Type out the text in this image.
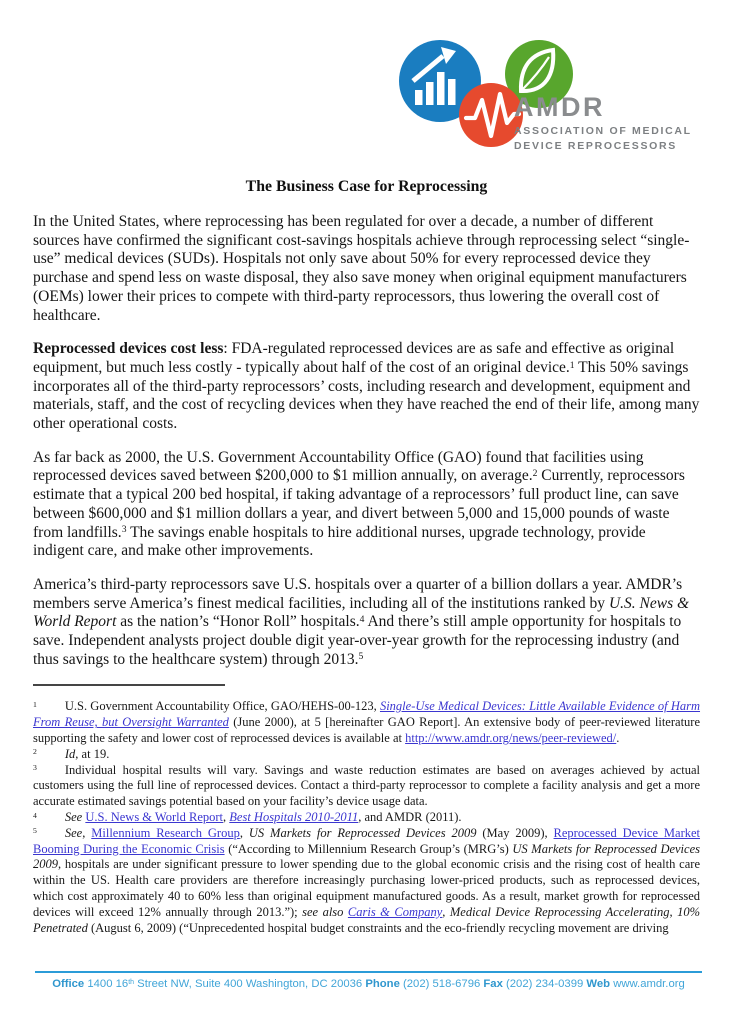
AMDR
ASSOCIATION OF MEDICAL
DEVICE REPROCESSORS
The Business Case for Reprocessing

In the United States, where reprocessing has been regulated for over a decade, a number of different sources have confirmed the significant cost-savings hospitals achieve through reprocessing select “single-use” medical devices (SUDs). Hospitals not only save about 50% for every reprocessed device they purchase and spend less on waste disposal, they also save money when original equipment manufacturers (OEMs) lower their prices to compete with third-party reprocessors, thus lowering the overall cost of healthcare.

Reprocessed devices cost less: FDA-regulated reprocessed devices are as safe and effective as original equipment, but much less costly - typically about half of the cost of an original device.$^1$ This 50% savings incorporates all of the third-party reprocessors’ costs, including research and development, equipment and materials, staff, and the cost of recycling devices when they have reached the end of their life, among many other operational costs.

As far back as 2000, the U.S. Government Accountability Office (GAO) found that facilities using reprocessed devices saved between $200,000 to $1 million annually, on average.$^2$ Currently, reprocessors estimate that a typical 200 bed hospital, if taking advantage of a reprocessors’ full product line, can save between $600,000 and $1 million dollars a year, and divert between 5,000 and 15,000 pounds of waste from landfills.$^3$ The savings enable hospitals to hire additional nurses, upgrade technology, provide indigent care, and make other improvements.

America’s third-party reprocessors save U.S. hospitals over a quarter of a billion dollars a year. AMDR’s members serve America’s finest medical facilities, including all of the institutions ranked by U.S. News & World Report as the nation’s “Honor Roll” hospitals.$^4$ And there’s still ample opportunity for hospitals to save. Independent analysts project double digit year-over-year growth for the reprocessing industry (and thus savings to the healthcare system) through 2013.$^5$

$^1$ U.S. Government Accountability Office, GAO/HEHS-00-123, Single-Use Medical Devices: Little Available Evidence of Harm From Reuse, but Oversight Warranted (June 2000), at 5 [hereinafter GAO Report]. An extensive body of peer-reviewed literature supporting the safety and lower cost of reprocessed devices is available at http://www.amdr.org/news/peer-reviewed/.
$^2$ Id, at 19.
$^3$ Individual hospital results will vary. Savings and waste reduction estimates are based on averages achieved by actual customers using the full line of reprocessed devices. Contact a third-party reprocessor to complete a facility analysis and get a more accurate estimated savings potential based on your facility’s device usage data.
$^4$ See U.S. News & World Report, Best Hospitals 2010-2011, and AMDR (2011).
$^5$ See, Millennium Research Group, US Markets for Reprocessed Devices 2009 (May 2009), Reprocessed Device Market Booming During the Economic Crisis (“According to Millennium Research Group’s (MRG’s) US Markets for Reprocessed Devices 2009, hospitals are under significant pressure to lower spending due to the global economic crisis and the rising cost of health care within the US. Health care providers are therefore increasingly purchasing lower-priced products, such as reprocessed devices, which cost approximately 40 to 60% less than original equipment manufactured goods. As a result, market growth for reprocessed devices will exceed 12% annually through 2013.”); see also Caris & Company, Medical Device Reprocessing Accelerating, 10% Penetrated (August 6, 2009) (“Unprecedented hospital budget constraints and the eco-friendly recycling movement are driving
Office 1400 16th Street NW, Suite 400 Washington, DC 20036 Phone (202) 518-6796 Fax (202) 234-0399 Web www.amdr.org
